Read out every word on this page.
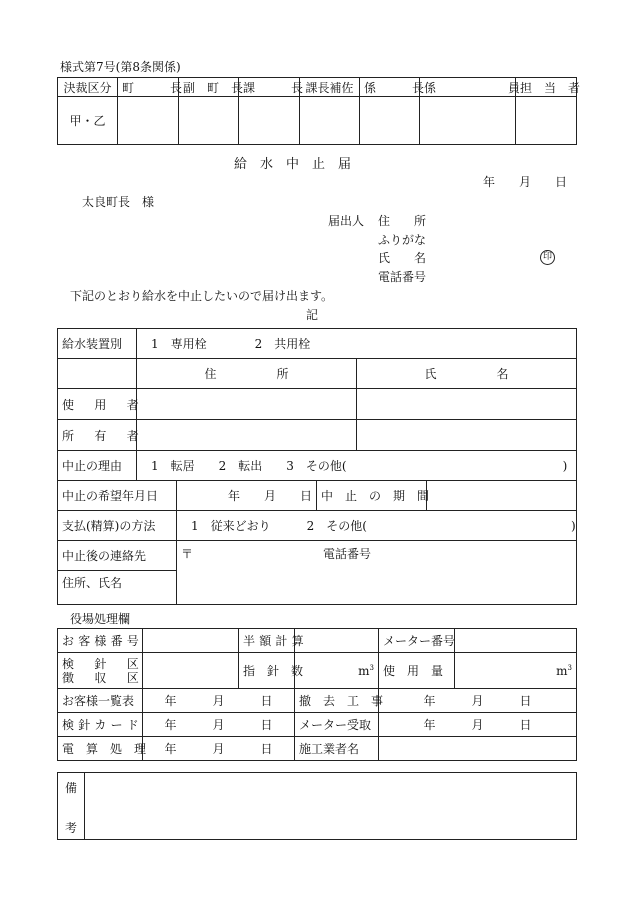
様式第7号(第8条関係)
決裁区分	町　　　長	副　町　長	課　　　長	課長補佐	係　　　長	係　　　　　　員	担　当　者
甲・乙							
給　水　中　止　届
年　　月　　日
太良町長　様
届出人 住　　所
ふりがな
氏　　名	印
電話番号
下記のとおり給水を中止したいので届け出ます。
記
給水装置別	1　専用栓　　　　2　共用栓				
	住　　　　　所			氏　　　　　名	
使　用　者					
所　有　者					
中止の理由	1　転居　　2　転出　　3　その他(　　　　　　　　　　　　　　　　　　)				
中止の希望年月日		年　　月　　日	中　止　の　期　間		
支払(精算)の方法		1　従来どおり　　　2　その他(　　　　　　　　　　　　　　　　　)			
中止後の連絡先		〒 電話番号			

住所、氏名					
役場処理欄
お客様番号		半額計算		メーター番号	

検　針　区
徴　収　区		指　針　数	$m^3$	使　用　量	$m^3$
お客様一覧表	年　　　月　　　日		撤　去　工　事	年　　　月　　　日	
検針カード	年　　　月　　　日		メーター受取	年　　　月　　　日	
電　算　処　理	年　　　月　　　日		施工業者名		
備
考
